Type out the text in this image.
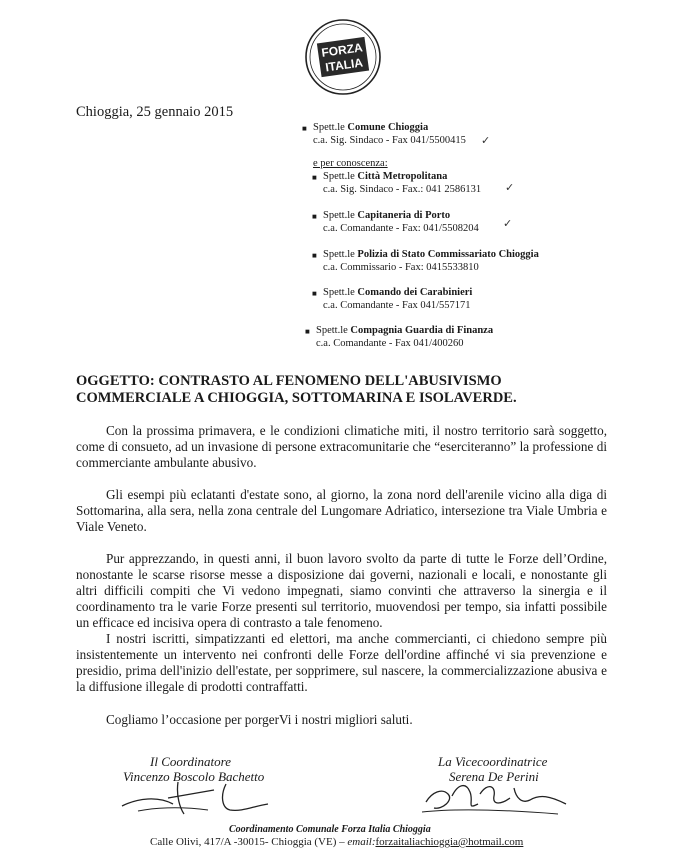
FORZA
ITALIA
Chioggia, 25 gennaio 2015
■ Spett.le Comune Chioggia
c.a. Sig. Sindaco - Fax 041/5500415 ✓
e per conoscenza:
■ Spett.le Città Metropolitana
c.a. Sig. Sindaco - Fax.: 041 2586131 ✓
■ Spett.le Capitaneria di Porto
c.a. Comandante - Fax: 041/5508204 ✓
■ Spett.le Polizia di Stato Commissariato Chioggia
c.a. Commissario - Fax: 0415533810
■ Spett.le Comando dei Carabinieri
c.a. Comandante - Fax 041/557171
■ Spett.le Compagnia Guardia di Finanza
c.a. Comandante - Fax 041/400260
OGGETTO: CONTRASTO AL FENOMENO DELL'ABUSIVISMO COMMERCIALE A CHIOGGIA, SOTTOMARINA E ISOLAVERDE.
Con la prossima primavera, e le condizioni climatiche miti, il nostro territorio sarà soggetto, come di consueto, ad un invasione di persone extracomunitarie che “eserciteranno” la professione di commerciante ambulante abusivo.
Gli esempi più eclatanti d'estate sono, al giorno, la zona nord dell'arenile vicino alla diga di Sottomarina, alla sera, nella zona centrale del Lungomare Adriatico, intersezione tra Viale Umbria e Viale Veneto.
Pur apprezzando, in questi anni, il buon lavoro svolto da parte di tutte le Forze dell’Ordine, nonostante le scarse risorse messe a disposizione dai governi, nazionali e locali, e nonostante gli altri difficili compiti che Vi vedono impegnati, siamo convinti che attraverso la sinergia e il coordinamento tra le varie Forze presenti sul territorio, muovendosi per tempo, sia infatti possibile un efficace ed incisiva opera di contrasto a tale fenomeno.
I nostri iscritti, simpatizzanti ed elettori, ma anche commercianti, ci chiedono sempre più insistentemente un intervento nei confronti delle Forze dell'ordine affinché vi sia prevenzione e presidio, prima dell'inizio dell'estate, per sopprimere, sul nascere, la commercializzazione abusiva e la diffusione illegale di prodotti contraffatti.
Cogliamo l’occasione per porgerVi i nostri migliori saluti.
Il Coordinatore
Vincenzo Boscolo Bachetto
La Vicecoordinatrice
Serena De Perini
Coordinamento Comunale Forza Italia Chioggia
Calle Olivi, 417/A -30015- Chioggia (VE) – email:forzaitaliachioggia@hotmail.com
